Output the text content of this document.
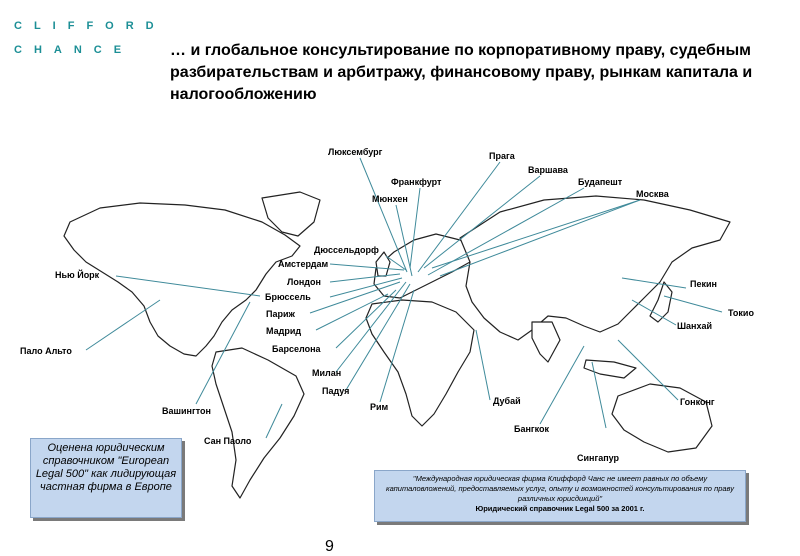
CLIFFORD
CHANCE	… и глобальное консультирование по корпоративному праву, судебным разбирательствам и арбитражу, финансовому праву, рынкам капитала и налогообложению
Люксембург	Прага
Варшава
Будапешт
Франкфурт
Мюнхен	Москва
Дюссельдорф
Амстердам
Нью Йорк
Лондон
Брюссель
Париж
Мадрид
Барселона
Пало Альто
Милан
Падуя
Рим
Вашингтон
Сан Паоло
Дубай
Бангкок
Сингапур
Пекин
Токио
Шанхай
Гонконг
Оценена юридическим справочником "European Legal 500" как лидирующая частная фирма в Европе
"Международная юридическая фирма Клиффорд Чанс не имеет равных по объему капиталовложений, предоставляемых услуг, опыту и возможностей консультирования по праву различных юрисдикций"
Юридический справочник Legal 500 за 2001 г.
9
